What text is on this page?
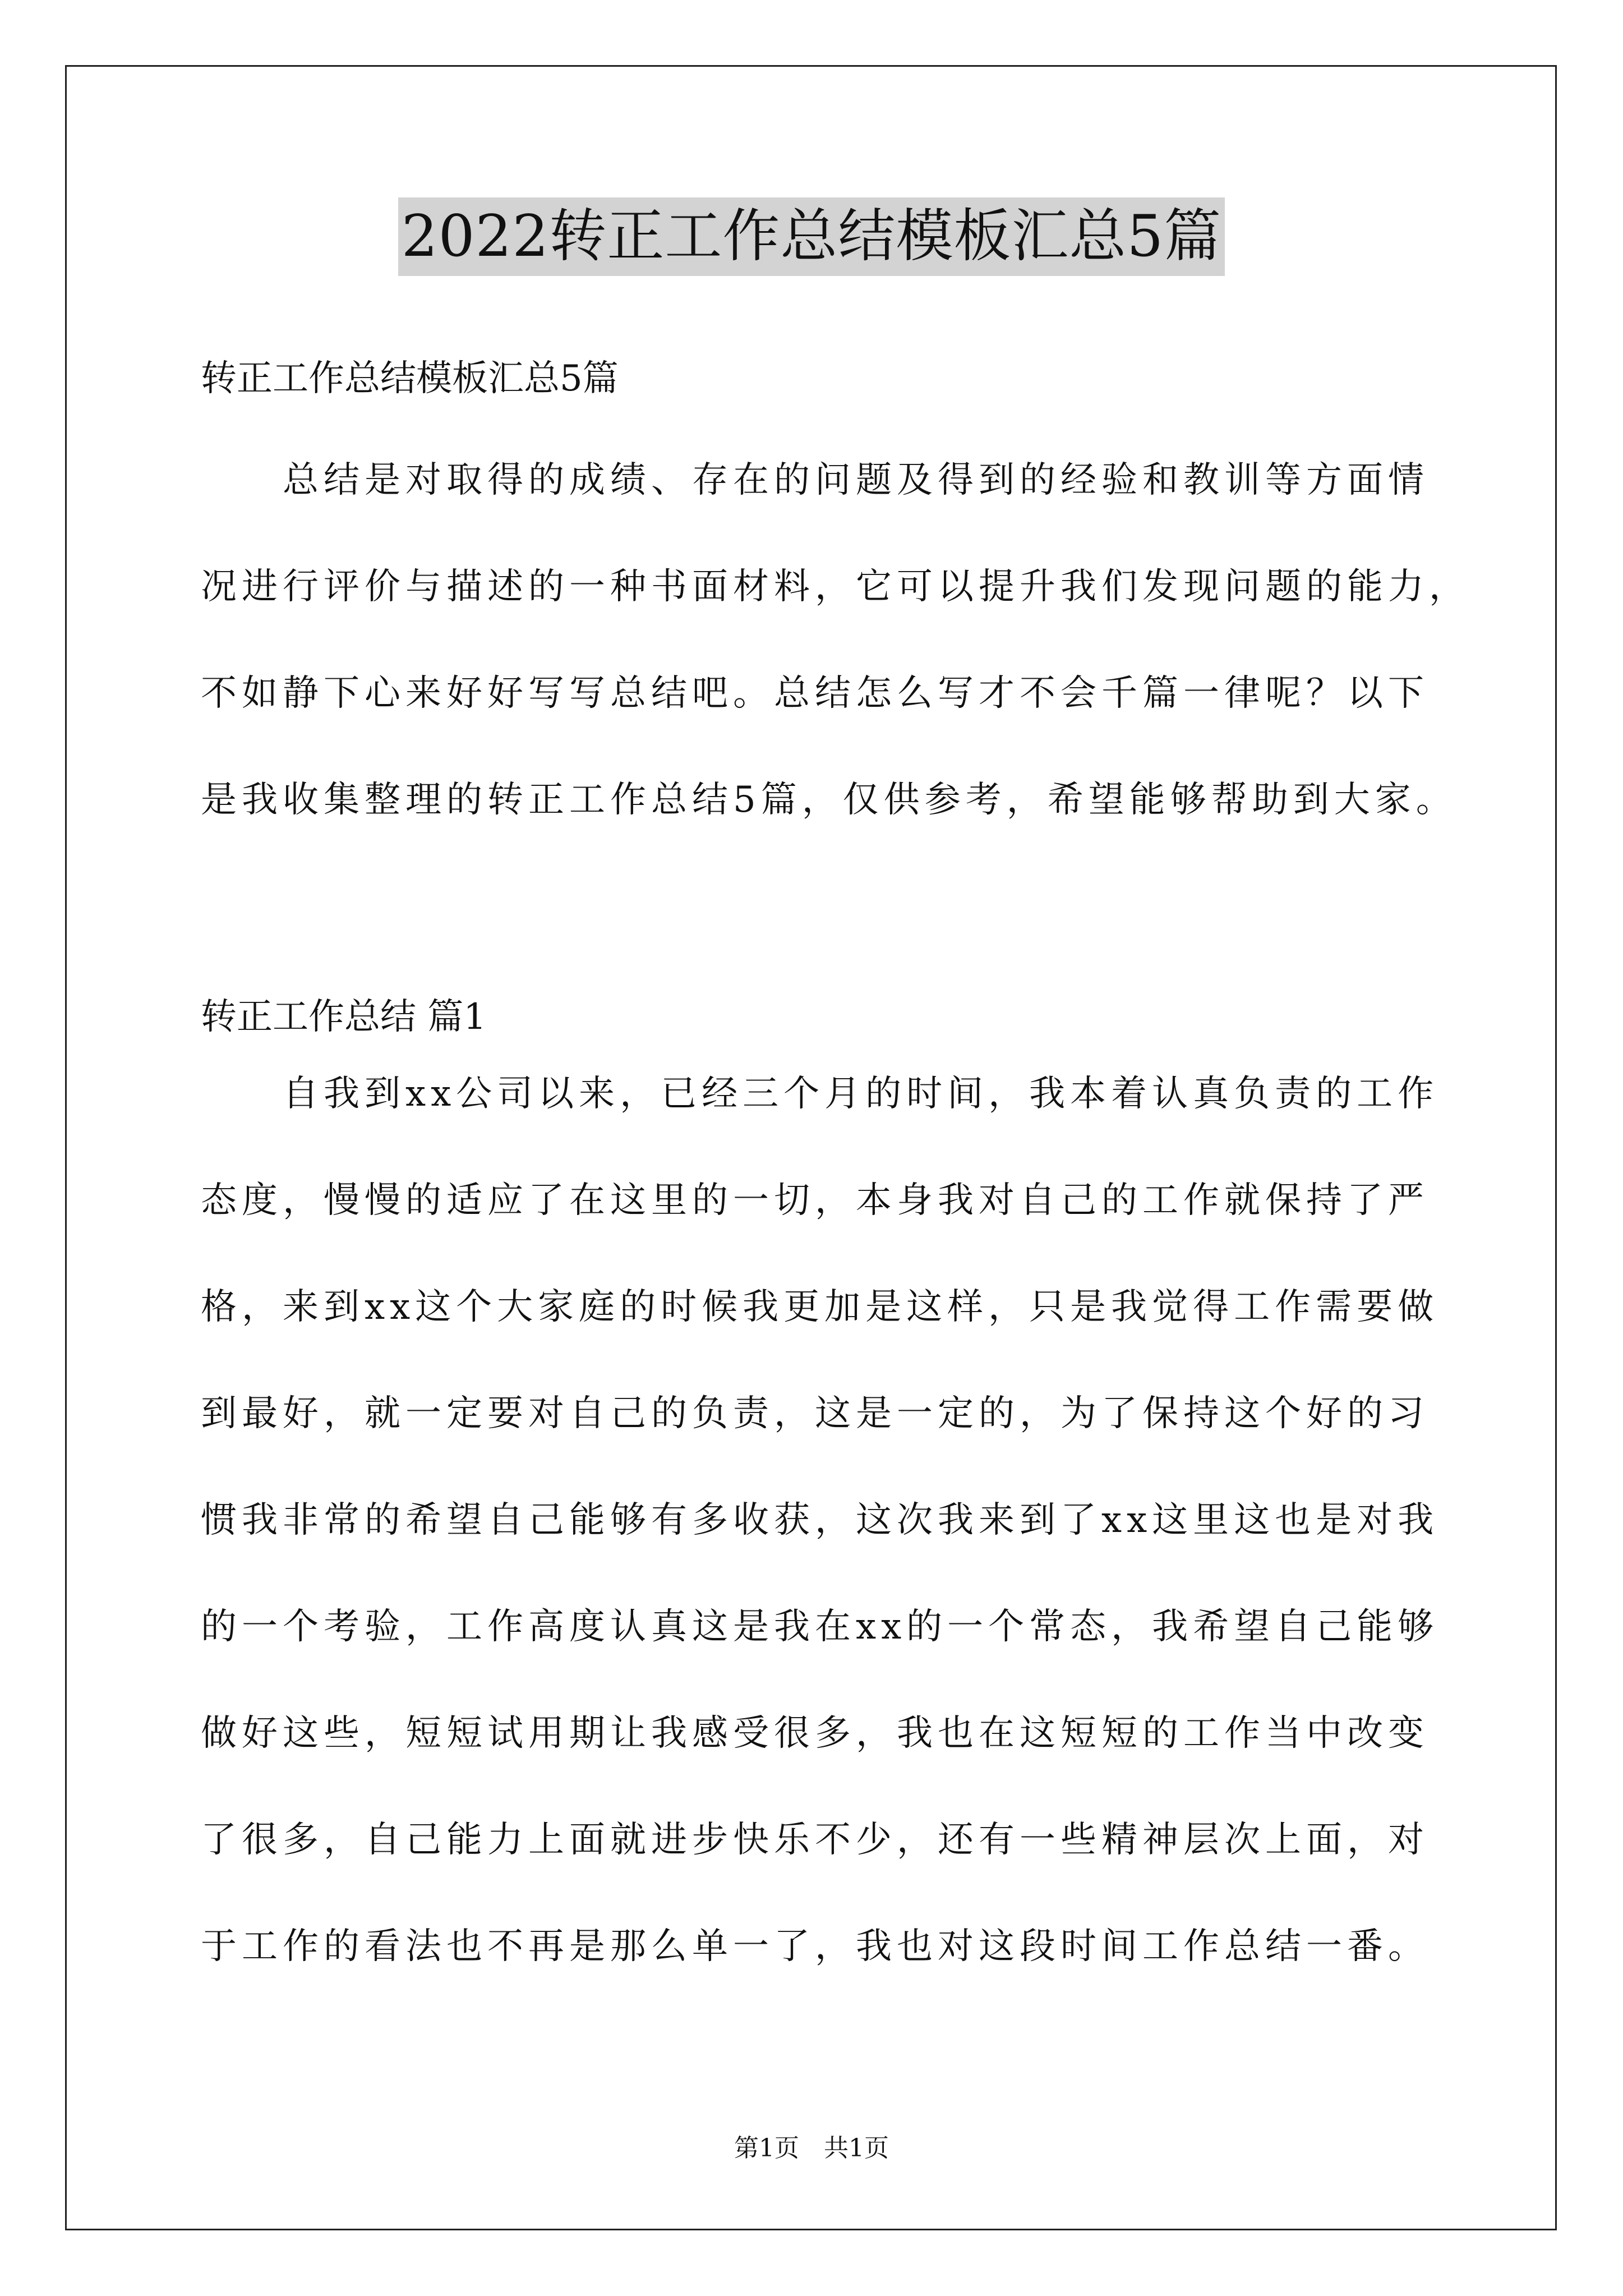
2022转正工作总结模板汇总5篇
转正工作总结模板汇总5篇
总结是对取得的成绩、存在的问题及得到的经验和教训等方面情
况进行评价与描述的一种书面材料，它可以提升我们发现问题的能力，
不如静下心来好好写写总结吧。总结怎么写才不会千篇一律呢？以下
是我收集整理的转正工作总结5篇，仅供参考，希望能够帮助到大家。
转正工作总结 篇1
自我到xx公司以来，已经三个月的时间，我本着认真负责的工作
态度，慢慢的适应了在这里的一切，本身我对自己的工作就保持了严
格，来到xx这个大家庭的时候我更加是这样，只是我觉得工作需要做
到最好，就一定要对自己的负责，这是一定的，为了保持这个好的习
惯我非常的希望自己能够有多收获，这次我来到了xx这里这也是对我
的一个考验，工作高度认真这是我在xx的一个常态，我希望自己能够
做好这些，短短试用期让我感受很多，我也在这短短的工作当中改变
了很多，自己能力上面就进步快乐不少，还有一些精神层次上面，对
于工作的看法也不再是那么单一了，我也对这段时间工作总结一番。
第1页　共1页
